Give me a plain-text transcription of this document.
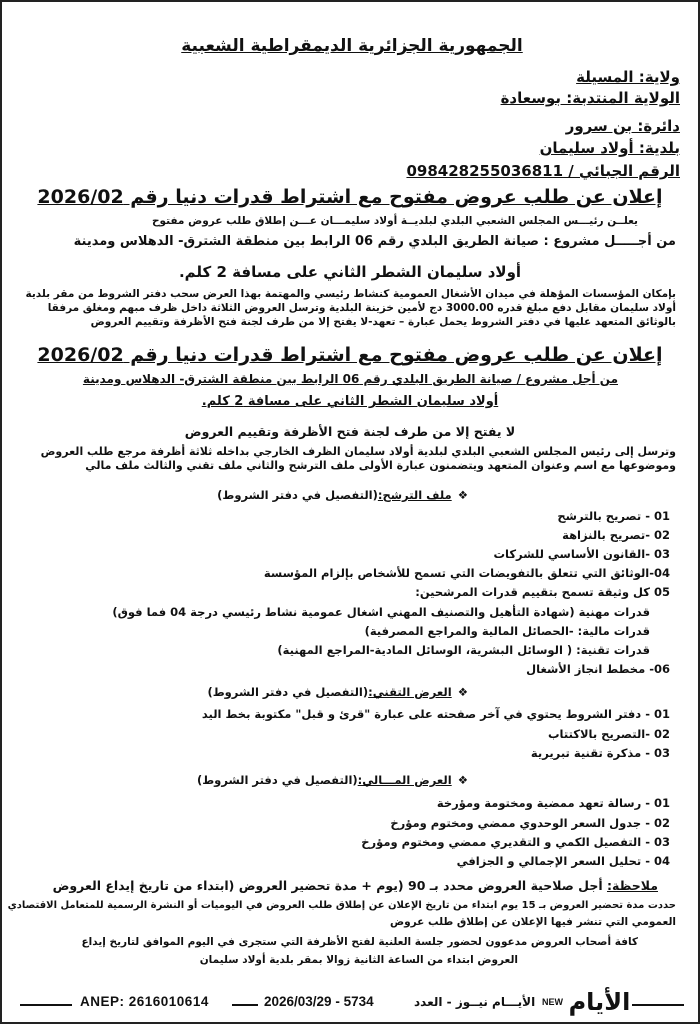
الجمهورية الجزائرية الديمقراطية الشعبية
ولاية: المسيلة
الولاية المنتدبة: بوسعادة
دائرة: بن سرور
بلدية: أولاد سليمان
الرقم الجبائي / 098428255036811
إعلان عن طلب عروض مفتوح مع اشتراط قدرات دنيا رقم 2026/02
يعلــن رئيـــس المجلس الشعبي البلدي لبلديــة أولاد سليمـــان عـــن إطلاق طلب عروض مفتوح
من أجـــــل مشروع : صيانة الطريق البلدي رقم 06 الرابط بين منطقة الشترق- الدهلاس ومدينة
أولاد سليمان الشطر الثاني على مسافة 2 كلم.
بإمكان المؤسسات المؤهلة في ميدان الأشغال العمومية كنشاط رئيسي والمهتمة بهذا العرض سحب دفتر الشروط من مقر بلدية أولاد سليمان مقابل دفع مبلغ قدره 3000.00 دج لأمين خزينة البلدية وترسل العروض الثلاثة داخل ظرف مبهم ومغلق مرفقا بالوثائق المتعهد عليها في دفتر الشروط يحمل عبارة – تعهد-لا يفتح إلا من طرف لجنة فتح الأظرفة وتقييم العروض
إعلان عن طلب عروض مفتوح مع اشتراط قدرات دنيا رقم 2026/02
من أجل مشروع / صيانة الطريق البلدي رقم 06 الرابط بين منطقة الشترق- الدهلاس ومدينة
أولاد سليمان الشطر الثاني على مسافة 2 كلم.
لا يفتح إلا من طرف لجنة فتح الأظرفة وتقييم العروض
وترسل إلى رئيس المجلس الشعبي البلدي لبلدية أولاد سليمان الظرف الخارجي بداخله ثلاثة أظرفة مرجع طلب العروض وموضوعها مع اسم وعنوان المتعهد ويتضمنون عبارة الأولى ملف الترشح والثاني ملف تقني والثالث ملف مالي
❖ملف الترشح:(التفصيل في دفتر الشروط)
01 - تصريح بالترشح
02 -تصريح بالنزاهة
03 -القانون الأساسي للشركات
04-الوثائق التي تتعلق بالتفويضات التي تسمح للأشخاص بإلزام المؤسسة
05 كل وثيقة تسمح بتقييم قدرات المرشحين:
قدرات مهنية (شهادة التأهيل والتصنيف المهني اشغال عمومية نشاط رئيسي درجة 04 فما فوق)
قدرات مالية: -الحصائل المالية والمراجع المصرفية)
قدرات تقنية: ( الوسائل البشرية، الوسائل المادية-المراجع المهنية)
06- مخطط انجاز الأشغال
❖العرض التقني:(التفصيل في دفتر الشروط)
01 - دفتر الشروط يحتوي في آخر صفحته على عبارة "قرئ و قبل" مكتوبة بخط اليد
02 -التصريح بالاكتتاب
03 - مذكرة تقنية تبريرية
❖العرض المـــالي:(التفصيل في دفتر الشروط)
01 - رسالة تعهد ممضية ومختومة ومؤرخة
02 - جدول السعر الوحدوي ممضي ومختوم ومؤرخ
03 - التفصيل الكمي و التقديري ممضي ومختوم ومؤرخ
04 - تحليل السعر الإجمالي و الجزافي
ملاحظة: أجل صلاحية العروض محدد بـ 90 (يوم + مدة تحضير العروض (ابتداء من تاريخ إيداع العروض
حددت مدة تحضير العروض بـ 15 يوم ابتداء من تاريخ الإعلان عن إطلاق طلب العروض في اليوميات أو النشرة الرسمية للمتعامل الاقتصادي
العمومي التي تنشر فيها الإعلان عن إطلاق طلب عروض
كافة أصحاب العروض مدعوون لحضور جلسة العلنية لفتح الأظرفة التي ستجرى في اليوم الموافق لتاريخ إيداع
العروض ابتداء من الساعة الثانية زوالا بمقر بلدية أولاد سليمان
ANEP: 2616010614	2026/03/29 - 5734	الأيـــام نيــوز - العدد NEW الأيام
